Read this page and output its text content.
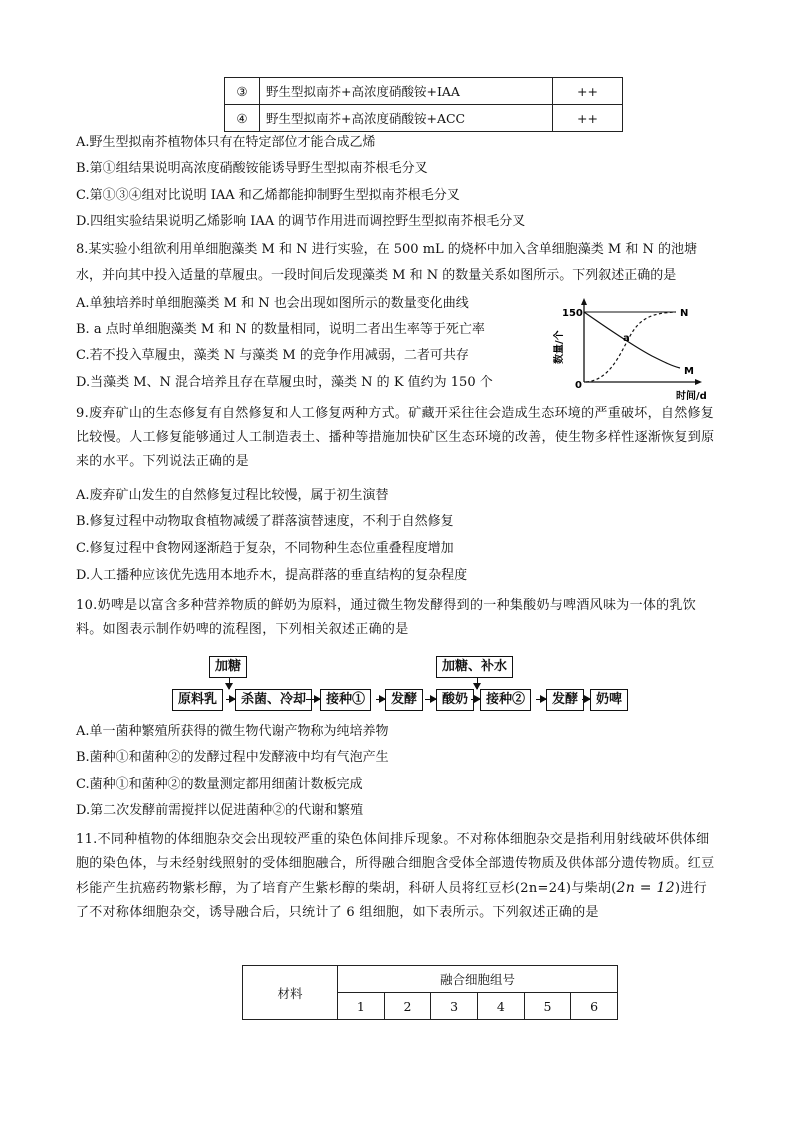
③	野生型拟南芥+高浓度硝酸铵+IAA	++
④	野生型拟南芥+高浓度硝酸铵+ACC	++
A.野生型拟南芥植物体只有在特定部位才能合成乙烯
B.第①组结果说明高浓度硝酸铵能诱导野生型拟南芥根毛分叉
C.第①③④组对比说明 IAA 和乙烯都能抑制野生型拟南芥根毛分叉
D.四组实验结果说明乙烯影响 IAA 的调节作用进而调控野生型拟南芥根毛分叉
8.某实验小组欲利用单细胞藻类 M 和 N 进行实验，在 500 mL 的烧杯中加入含单细胞藻类 M 和 N 的池塘
水，并向其中投入适量的草履虫。一段时间后发现藻类 M 和 N 的数量关系如图所示。下列叙述正确的是
A.单独培养时单细胞藻类 M 和 N 也会出现如图所示的数量变化曲线
B. a 点时单细胞藻类 M 和 N 的数量相同，说明二者出生率等于死亡率
C.若不投入草履虫，藻类 N 与藻类 M 的竞争作用减弱，二者可共存
D.当藻类 M、N 混合培养且存在草履虫时，藻类 N 的 K 值约为 150 个
150
0
a
N
M
时间/d
数量/个
9.废弃矿山的生态修复有自然修复和人工修复两种方式。矿藏开采往往会造成生态环境的严重破坏，自然修复比较慢。人工修复能够通过人工制造表土、播种等措施加快矿区生态环境的改善，使生物多样性逐渐恢复到原来的水平。下列说法正确的是
A.废弃矿山发生的自然修复过程比较慢，属于初生演替
B.修复过程中动物取食植物减缓了群落演替速度，不利于自然修复
C.修复过程中食物网逐渐趋于复杂，不同物种生态位重叠程度增加
D.人工播种应该优先选用本地乔木，提高群落的垂直结构的复杂程度
10.奶啤是以富含多种营养物质的鲜奶为原料，通过微生物发酵得到的一种集酸奶与啤酒风味为一体的乳饮料。如图表示制作奶啤的流程图，下列相关叙述正确的是
加糖	加糖、补水
原料乳	杀菌、冷却	接种①	发酵	酸奶	接种②	发酵	奶啤
A.单一菌种繁殖所获得的微生物代谢产物称为纯培养物
B.菌种①和菌种②的发酵过程中发酵液中均有气泡产生
C.菌种①和菌种②的数量测定都用细菌计数板完成
D.第二次发酵前需搅拌以促进菌种②的代谢和繁殖
11.不同种植物的体细胞杂交会出现较严重的染色体间排斥现象。不对称体细胞杂交是指利用射线破坏供体细胞的染色体，与未经射线照射的受体细胞融合，所得融合细胞含受体全部遗传物质及供体部分遗传物质。红豆杉能产生抗癌药物紫杉醇，为了培育产生紫杉醇的柴胡，科研人员将红豆杉(2n=24)与柴胡(2n = 12)进行了不对称体细胞杂交，诱导融合后，只统计了 6 组细胞，如下表所示。下列叙述正确的是
材料	融合细胞组号					
	1	2	3	4	5	6
